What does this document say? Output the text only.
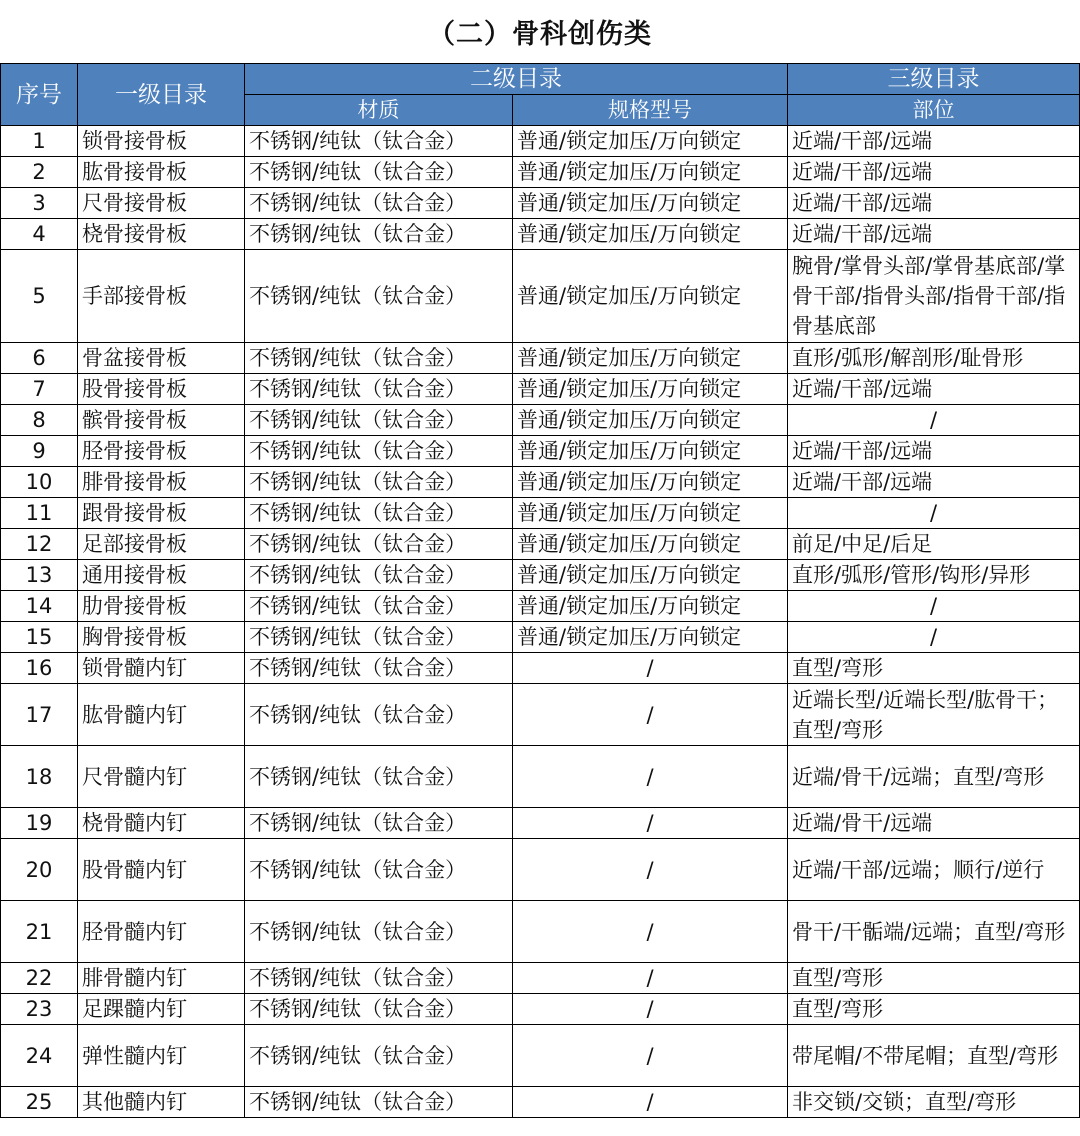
（二）骨科创伤类
序号	一级目录	二级目录		三级目录
		材质	规格型号	部位
1	锁骨接骨板	不锈钢/纯钛（钛合金）	普通/锁定加压/万向锁定	近端/干部/远端
2	肱骨接骨板	不锈钢/纯钛（钛合金）	普通/锁定加压/万向锁定	近端/干部/远端
3	尺骨接骨板	不锈钢/纯钛（钛合金）	普通/锁定加压/万向锁定	近端/干部/远端
4	桡骨接骨板	不锈钢/纯钛（钛合金）	普通/锁定加压/万向锁定	近端/干部/远端
5	手部接骨板	不锈钢/纯钛（钛合金）	普通/锁定加压/万向锁定	腕骨/掌骨头部/掌骨基底部/掌骨干部/指骨头部/指骨干部/指骨基底部
6	骨盆接骨板	不锈钢/纯钛（钛合金）	普通/锁定加压/万向锁定	直形/弧形/解剖形/耻骨形
7	股骨接骨板	不锈钢/纯钛（钛合金）	普通/锁定加压/万向锁定	近端/干部/远端
8	髌骨接骨板	不锈钢/纯钛（钛合金）	普通/锁定加压/万向锁定	/
9	胫骨接骨板	不锈钢/纯钛（钛合金）	普通/锁定加压/万向锁定	近端/干部/远端
10	腓骨接骨板	不锈钢/纯钛（钛合金）	普通/锁定加压/万向锁定	近端/干部/远端
11	跟骨接骨板	不锈钢/纯钛（钛合金）	普通/锁定加压/万向锁定	/
12	足部接骨板	不锈钢/纯钛（钛合金）	普通/锁定加压/万向锁定	前足/中足/后足
13	通用接骨板	不锈钢/纯钛（钛合金）	普通/锁定加压/万向锁定	直形/弧形/管形/钩形/异形
14	肋骨接骨板	不锈钢/纯钛（钛合金）	普通/锁定加压/万向锁定	/
15	胸骨接骨板	不锈钢/纯钛（钛合金）	普通/锁定加压/万向锁定	/
16	锁骨髓内钉	不锈钢/纯钛（钛合金）	/	直型/弯形
17	肱骨髓内钉	不锈钢/纯钛（钛合金）	/	近端长型/近端长型/肱骨干；直型/弯形
18	尺骨髓内钉	不锈钢/纯钛（钛合金）	/	近端/骨干/远端；直型/弯形
19	桡骨髓内钉	不锈钢/纯钛（钛合金）	/	近端/骨干/远端
20	股骨髓内钉	不锈钢/纯钛（钛合金）	/	近端/干部/远端；顺行/逆行
21	胫骨髓内钉	不锈钢/纯钛（钛合金）	/	骨干/干骺端/远端；直型/弯形
22	腓骨髓内钉	不锈钢/纯钛（钛合金）	/	直型/弯形
23	足踝髓内钉	不锈钢/纯钛（钛合金）	/	直型/弯形
24	弹性髓内钉	不锈钢/纯钛（钛合金）	/	带尾帽/不带尾帽；直型/弯形
25	其他髓内钉	不锈钢/纯钛（钛合金）	/	非交锁/交锁；直型/弯形
